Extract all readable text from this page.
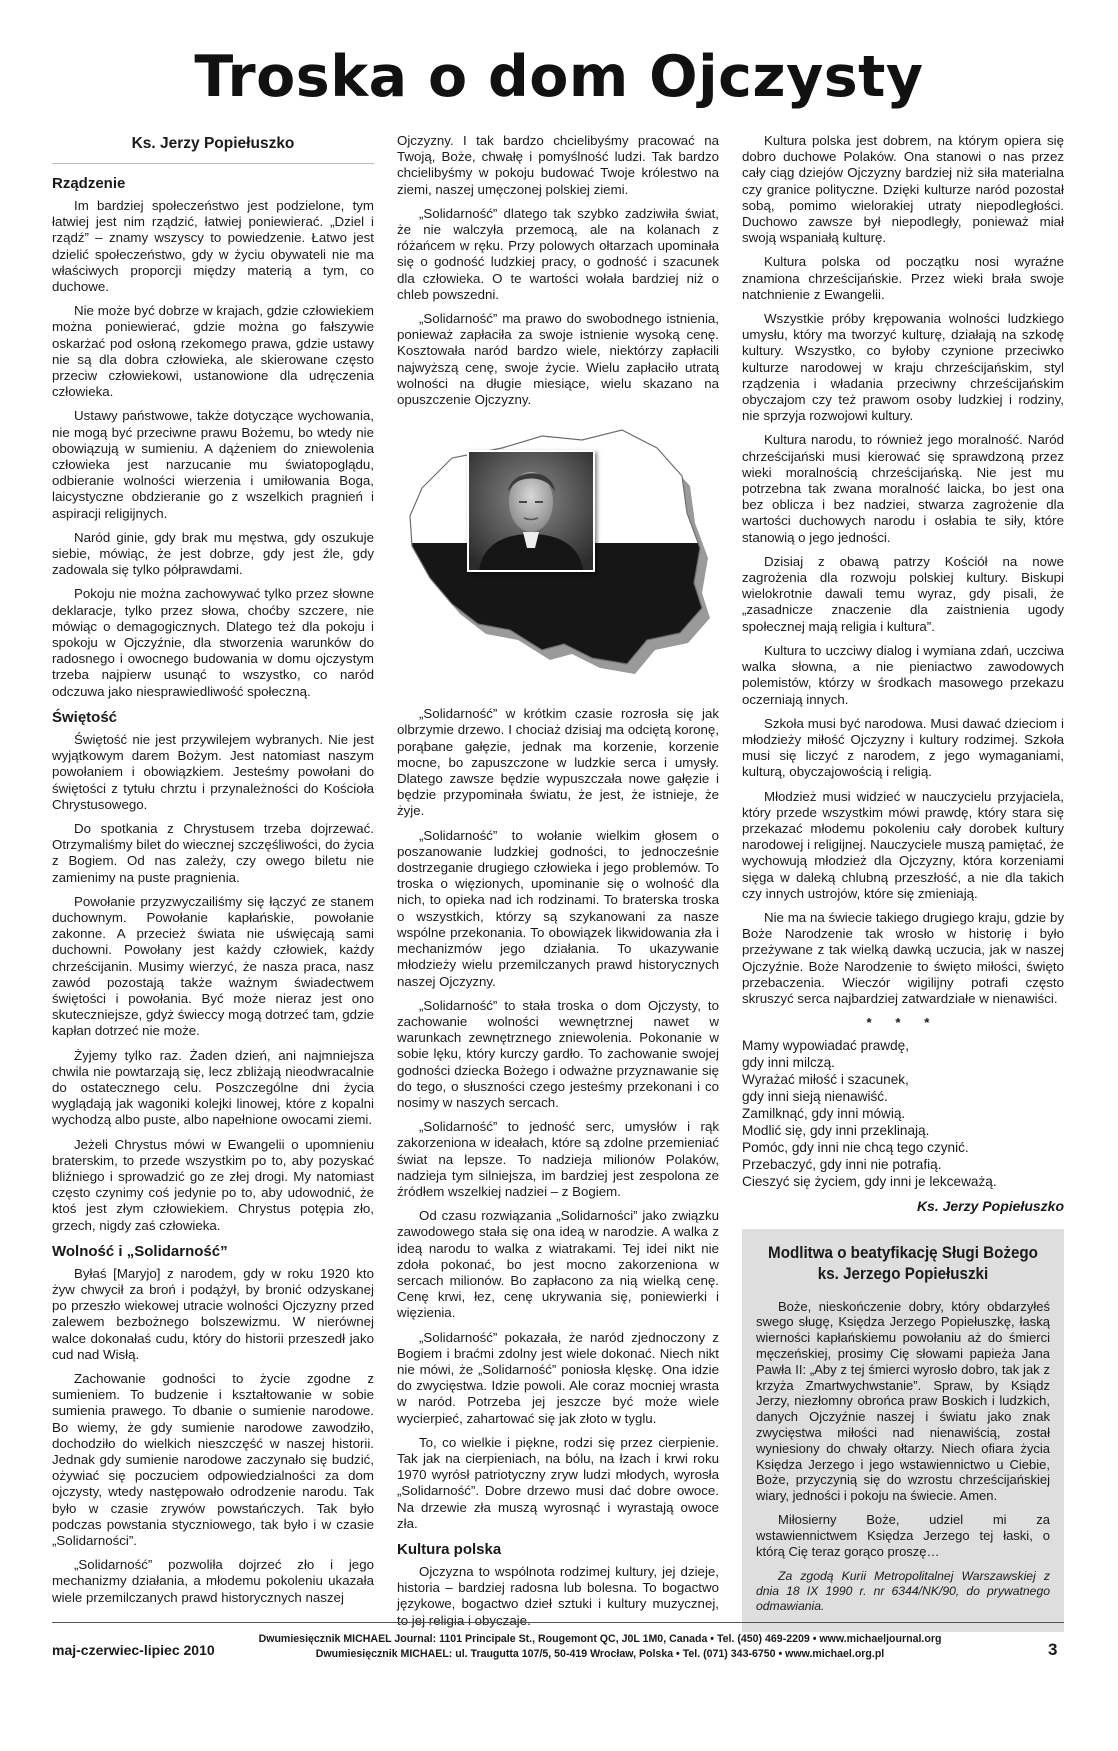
Troska o dom Ojczysty
Ks. Jerzy Popiełuszko
Rządzenie

Im bardziej społeczeństwo jest podzielone, tym łatwiej jest nim rządzić, łatwiej poniewierać. „Dziel i rządź” – znamy wszyscy to powiedzenie. Łatwo jest dzielić społeczeństwo, gdy w życiu obywateli nie ma właściwych proporcji między materią a tym, co duchowe.

Nie może być dobrze w krajach, gdzie człowiekiem można poniewierać, gdzie można go fałszywie oskarżać pod osłoną rzekomego prawa, gdzie ustawy nie są dla dobra człowieka, ale skierowane często przeciw człowiekowi, ustanowione dla udręczenia człowieka.

Ustawy państwowe, także dotyczące wychowania, nie mogą być przeciwne prawu Bożemu, bo wtedy nie obowiązują w sumieniu. A dążeniem do zniewolenia człowieka jest narzucanie mu światopoglądu, odbieranie wolności wierzenia i umiłowania Boga, laicystyczne obdzieranie go z wszelkich pragnień i aspiracji religijnych.

Naród ginie, gdy brak mu męstwa, gdy oszukuje siebie, mówiąc, że jest dobrze, gdy jest źle, gdy zadowala się tylko półprawdami.

Pokoju nie można zachowywać tylko przez słowne deklaracje, tylko przez słowa, choćby szczere, nie mówiąc o demagogicznych. Dlatego też dla pokoju i spokoju w Ojczyźnie, dla stworzenia warunków do radosnego i owocnego budowania w domu ojczystym trzeba najpierw usunąć to wszystko, co naród odczuwa jako niesprawiedliwość społeczną.

Świętość

Świętość nie jest przywilejem wybranych. Nie jest wyjątkowym darem Bożym. Jest natomiast naszym powołaniem i obowiązkiem. Jesteśmy powołani do świętości z tytułu chrztu i przynależności do Kościoła Chrystusowego.

Do spotkania z Chrystusem trzeba dojrzewać. Otrzymaliśmy bilet do wiecznej szczęśliwości, do życia z Bogiem. Od nas zależy, czy owego biletu nie zamienimy na puste pragnienia.

Powołanie przyzwyczailiśmy się łączyć ze stanem duchownym. Powołanie kapłańskie, powołanie zakonne. A przecież świata nie uświęcają sami duchowni. Powołany jest każdy człowiek, każdy chrześcijanin. Musimy wierzyć, że nasza praca, nasz zawód pozostają także ważnym świadectwem świętości i powołania. Być może nieraz jest ono skuteczniejsze, gdyż świeccy mogą dotrzeć tam, gdzie kapłan dotrzeć nie może.

Żyjemy tylko raz. Żaden dzień, ani najmniejsza chwila nie powtarzają się, lecz zbliżają nieodwracalnie do ostatecznego celu. Poszczególne dni życia wyglądają jak wagoniki kolejki linowej, które z kopalni wychodzą albo puste, albo napełnione owocami ziemi.

Jeżeli Chrystus mówi w Ewangelii o upomnieniu braterskim, to przede wszystkim po to, aby pozyskać bliźniego i sprowadzić go ze złej drogi. My natomiast często czynimy coś jedynie po to, aby udowodnić, że ktoś jest złym człowiekiem. Chrystus potępia zło, grzech, nigdy zaś człowieka.

Wolność i „Solidarność”

Byłaś [Maryjo] z narodem, gdy w roku 1920 kto żyw chwycił za broń i podążył, by bronić odzyskanej po przeszło wiekowej utracie wolności Ojczyzny przed zalewem bezbożnego bolszewizmu. W nierównej walce dokonałaś cudu, który do historii przeszedł jako cud nad Wisłą.

Zachowanie godności to życie zgodne z sumieniem. To budzenie i kształtowanie w sobie sumienia prawego. To dbanie o sumienie narodowe. Bo wiemy, że gdy sumienie narodowe zawodziło, dochodziło do wielkich nieszczęść w naszej historii. Jednak gdy sumienie narodowe zaczynało się budzić, ożywiać się poczuciem odpowiedzialności za dom ojczysty, wtedy następowało odrodzenie narodu. Tak było w czasie zrywów powstańczych. Tak było podczas powstania styczniowego, tak było i w czasie „Solidarności”.

„Solidarność” pozwoliła dojrzeć zło i jego mechanizmy działania, a młodemu pokoleniu ukazała wiele przemilczanych prawd historycznych naszej

Ojczyzny. I tak bardzo chcielibyśmy pracować na Twoją, Boże, chwałę i pomyślność ludzi. Tak bardzo chcielibyśmy w pokoju budować Twoje królestwo na ziemi, naszej umęczonej polskiej ziemi.

„Solidarność” dlatego tak szybko zadziwiła świat, że nie walczyła przemocą, ale na kolanach z różańcem w ręku. Przy polowych ołtarzach upominała się o godność ludzkiej pracy, o godność i szacunek dla człowieka. O te wartości wołała bardziej niż o chleb powszedni.

„Solidarność” ma prawo do swobodnego istnienia, ponieważ zapłaciła za swoje istnienie wysoką cenę. Kosztowała naród bardzo wiele, niektórzy zapłacili najwyższą cenę, swoje życie. Wielu zapłaciło utratą wolności na długie miesiące, wielu skazano na opuszczenie Ojczyzny.

„Solidarność” w krótkim czasie rozrosła się jak olbrzymie drzewo. I chociaż dzisiaj ma odciętą koronę, porąbane gałęzie, jednak ma korzenie, korzenie mocne, bo zapuszczone w ludzkie serca i umysły. Dlatego zawsze będzie wypuszczała nowe gałęzie i będzie przypominała światu, że jest, że istnieje, że żyje.

„Solidarność” to wołanie wielkim głosem o poszanowanie ludzkiej godności, to jednocześnie dostrzeganie drugiego człowieka i jego problemów. To troska o więzionych, upominanie się o wolność dla nich, to opieka nad ich rodzinami. To braterska troska o wszystkich, którzy są szykanowani za nasze wspólne przekonania. To obowiązek likwidowania zła i mechanizmów jego działania. To ukazywanie młodzieży wielu przemilczanych prawd historycznych naszej Ojczyzny.

„Solidarność” to stała troska o dom Ojczysty, to zachowanie wolności wewnętrznej nawet w warunkach zewnętrznego zniewolenia. Pokonanie w sobie lęku, który kurczy gardło. To zachowanie swojej godności dziecka Bożego i odważne przyznawanie się do tego, o słuszności czego jesteśmy przekonani i co nosimy w naszych sercach.

„Solidarność” to jedność serc, umysłów i rąk zakorzeniona w ideałach, które są zdolne przemieniać świat na lepsze. To nadzieja milionów Polaków, nadzieja tym silniejsza, im bardziej jest zespolona ze źródłem wszelkiej nadziei – z Bogiem.

Od czasu rozwiązania „Solidarności” jako związku zawodowego stała się ona ideą w narodzie. A walka z ideą narodu to walka z wiatrakami. Tej idei nikt nie zdoła pokonać, bo jest mocno zakorzeniona w sercach milionów. Bo zapłacono za nią wielką cenę. Cenę krwi, łez, cenę ukrywania się, poniewierki i więzienia.

„Solidarność” pokazała, że naród zjednoczony z Bogiem i braćmi zdolny jest wiele dokonać. Niech nikt nie mówi, że „Solidarność” poniosła klęskę. Ona idzie do zwycięstwa. Idzie powoli. Ale coraz mocniej wrasta w naród. Potrzeba jej jeszcze być może wiele wycierpieć, zahartować się jak złoto w tyglu.

To, co wielkie i piękne, rodzi się przez cierpienie. Tak jak na cierpieniach, na bólu, na łzach i krwi roku 1970 wyrósł patriotyczny zryw ludzi młodych, wyrosła „Solidarność”. Dobre drzewo musi dać dobre owoce. Na drzewie zła muszą wyrosnąć i wyrastają owoce zła.

Kultura polska

Ojczyzna to wspólnota rodzimej kultury, jej dzieje, historia – bardziej radosna lub bolesna. To bogactwo językowe, bogactwo dzieł sztuki i kultury muzycznej, to jej religia i obyczaje.

Kultura polska jest dobrem, na którym opiera się dobro duchowe Polaków. Ona stanowi o nas przez cały ciąg dziejów Ojczyzny bardziej niż siła materialna czy granice polityczne. Dzięki kulturze naród pozostał sobą, pomimo wielorakiej utraty niepodległości. Duchowo zawsze był niepodległy, ponieważ miał swoją wspaniałą kulturę.

Kultura polska od początku nosi wyraźne znamiona chrześcijańskie. Przez wieki brała swoje natchnienie z Ewangelii.

Wszystkie próby krępowania wolności ludzkiego umysłu, który ma tworzyć kulturę, działają na szkodę kultury. Wszystko, co byłoby czynione przeciwko kulturze narodowej w kraju chrześcijańskim, styl rządzenia i władania przeciwny chrześcijańskim obyczajom czy też prawom osoby ludzkiej i rodziny, nie sprzyja rozwojowi kultury.

Kultura narodu, to również jego moralność. Naród chrześcijański musi kierować się sprawdzoną przez wieki moralnością chrześcijańską. Nie jest mu potrzebna tak zwana moralność laicka, bo jest ona bez oblicza i bez nadziei, stwarza zagrożenie dla wartości duchowych narodu i osłabia te siły, które stanowią o jego jedności.

Dzisiaj z obawą patrzy Kościół na nowe zagrożenia dla rozwoju polskiej kultury. Biskupi wielokrotnie dawali temu wyraz, gdy pisali, że „zasadnicze znaczenie dla zaistnienia ugody społecznej mają religia i kultura”.

Kultura to uczciwy dialog i wymiana zdań, uczciwa walka słowna, a nie pieniactwo zawodowych polemistów, którzy w środkach masowego przekazu oczerniają innych.

Szkoła musi być narodowa. Musi dawać dzieciom i młodzieży miłość Ojczyzny i kultury rodzimej. Szkoła musi się liczyć z narodem, z jego wymaganiami, kulturą, obyczajowością i religią.

Młodzież musi widzieć w nauczycielu przyjaciela, który przede wszystkim mówi prawdę, który stara się przekazać młodemu pokoleniu cały dorobek kultury narodowej i religijnej. Nauczyciele muszą pamiętać, że wychowują młodzież dla Ojczyzny, która korzeniami sięga w daleką chlubną przeszłość, a nie dla takich czy innych ustrojów, które się zmieniają.

Nie ma na świecie takiego drugiego kraju, gdzie by Boże Narodzenie tak wrosło w historię i było przeżywane z tak wielką dawką uczucia, jak w naszej Ojczyźnie. Boże Narodzenie to święto miłości, święto przebaczenia. Wieczór wigilijny potrafi często skruszyć serca najbardziej zatwardziałe w nienawiści.

* * *
Mamy wypowiadać prawdę,
gdy inni milczą.
Wyrażać miłość i szacunek,
gdy inni sieją nienawiść.
Zamilknąć, gdy inni mówią.
Modlić się, gdy inni przeklinają.
Pomóc, gdy inni nie chcą tego czynić.
Przebaczyć, gdy inni nie potrafią.
Cieszyć się życiem, gdy inni je lekceważą.
Ks. Jerzy Popiełuszko
Modlitwa o beatyfikację Sługi Bożego
ks. Jerzego Popiełuszki

Boże, nieskończenie dobry, który obdarzyłeś swego sługę, Księdza Jerzego Popiełuszkę, łaską wierności kapłańskiemu powołaniu aż do śmierci męczeńskiej, prosimy Cię słowami papieża Jana Pawła II: „Aby z tej śmierci wyrosło dobro, tak jak z krzyża Zmartwychwstanie”. Spraw, by Ksiądz Jerzy, niezłomny obrońca praw Boskich i ludzkich, danych Ojczyźnie naszej i światu jako znak zwycięstwa miłości nad nienawiścią, został wyniesiony do chwały ołtarzy. Niech ofiara życia Księdza Jerzego i jego wstawiennictwo u Ciebie, Boże, przyczynią się do wzrostu chrześcijańskiej wiary, jedności i pokoju na świecie. Amen.

Miłosierny Boże, udziel mi za wstawiennictwem Księdza Jerzego tej łaski, o którą Cię teraz gorąco proszę…

Za zgodą Kurii Metropolitalnej Warszawskiej z dnia 18 IX 1990 r. nr 6344/NK/90, do prywatnego odmawiania.

maj-czerwiec-lipiec 2010
Dwumiesięcznik MICHAEL Journal: 1101 Principale St., Rougemont QC, J0L 1M0, Canada • Tel. (450) 469-2209 • www.michaeljournal.org
Dwumiesięcznik MICHAEL: ul. Traugutta 107/5, 50-419 Wrocław, Polska • Tel. (071) 343-6750 • www.michael.org.pl	3
